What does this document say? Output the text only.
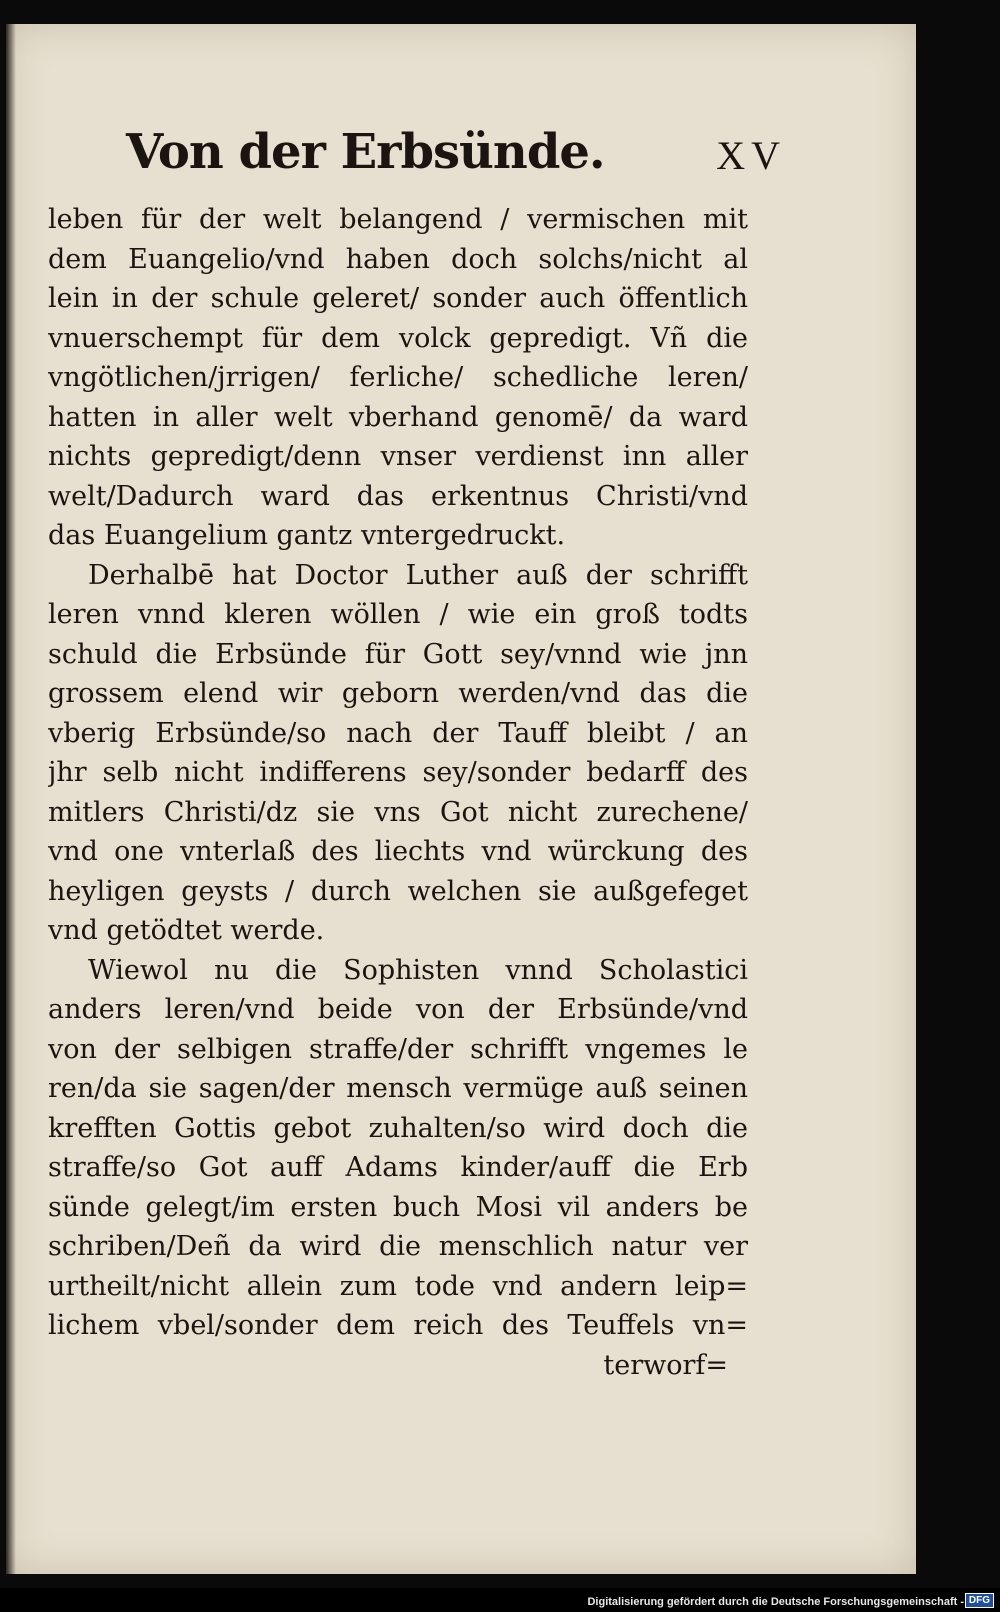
Von der Erbsünde.	XV
leben für der welt belangend / vermischen mit
dem Euangelio/vnd haben doch solchs/nicht al
lein in der schule geleret/ sonder auch öffentlich
vnuerschempt für dem volck gepredigt. Vñ die
vngötlichen/jrrigen/ ferliche/ schedliche leren/
hatten in aller welt vberhand genomē/ da ward
nichts gepredigt/denn vnser verdienst inn aller
welt/Dadurch ward das erkentnus Christi/vnd
das Euangelium gantz vntergedruckt.
Derhalbē hat Doctor Luther auß der schrifft
leren vnnd kleren wöllen / wie ein groß todts
schuld die Erbsünde für Gott sey/vnnd wie jnn
grossem elend wir geborn werden/vnd das die
vberig Erbsünde/so nach der Tauff bleibt / an
jhr selb nicht indifferens sey/sonder bedarff des
mitlers Christi/dz sie vns Got nicht zurechene/
vnd one vnterlaß des liechts vnd würckung des
heyligen geysts / durch welchen sie außgefeget
vnd getödtet werde.
Wiewol nu die Sophisten vnnd Scholastici
anders leren/vnd beide von der Erbsünde/vnd
von der selbigen straffe/der schrifft vngemes le
ren/da sie sagen/der mensch vermüge auß seinen
krefften Gottis gebot zuhalten/so wird doch die
straffe/so Got auff Adams kinder/auff die Erb
sünde gelegt/im ersten buch Mosi vil anders be
schriben/Deñ da wird die menschlich natur ver
urtheilt/nicht allein zum tode vnd andern leip=
lichem vbel/sonder dem reich des Teuffels vn=
terworf=
Digitalisierung gefördert durch die Deutsche Forschungsgemeinschaft - DFG
